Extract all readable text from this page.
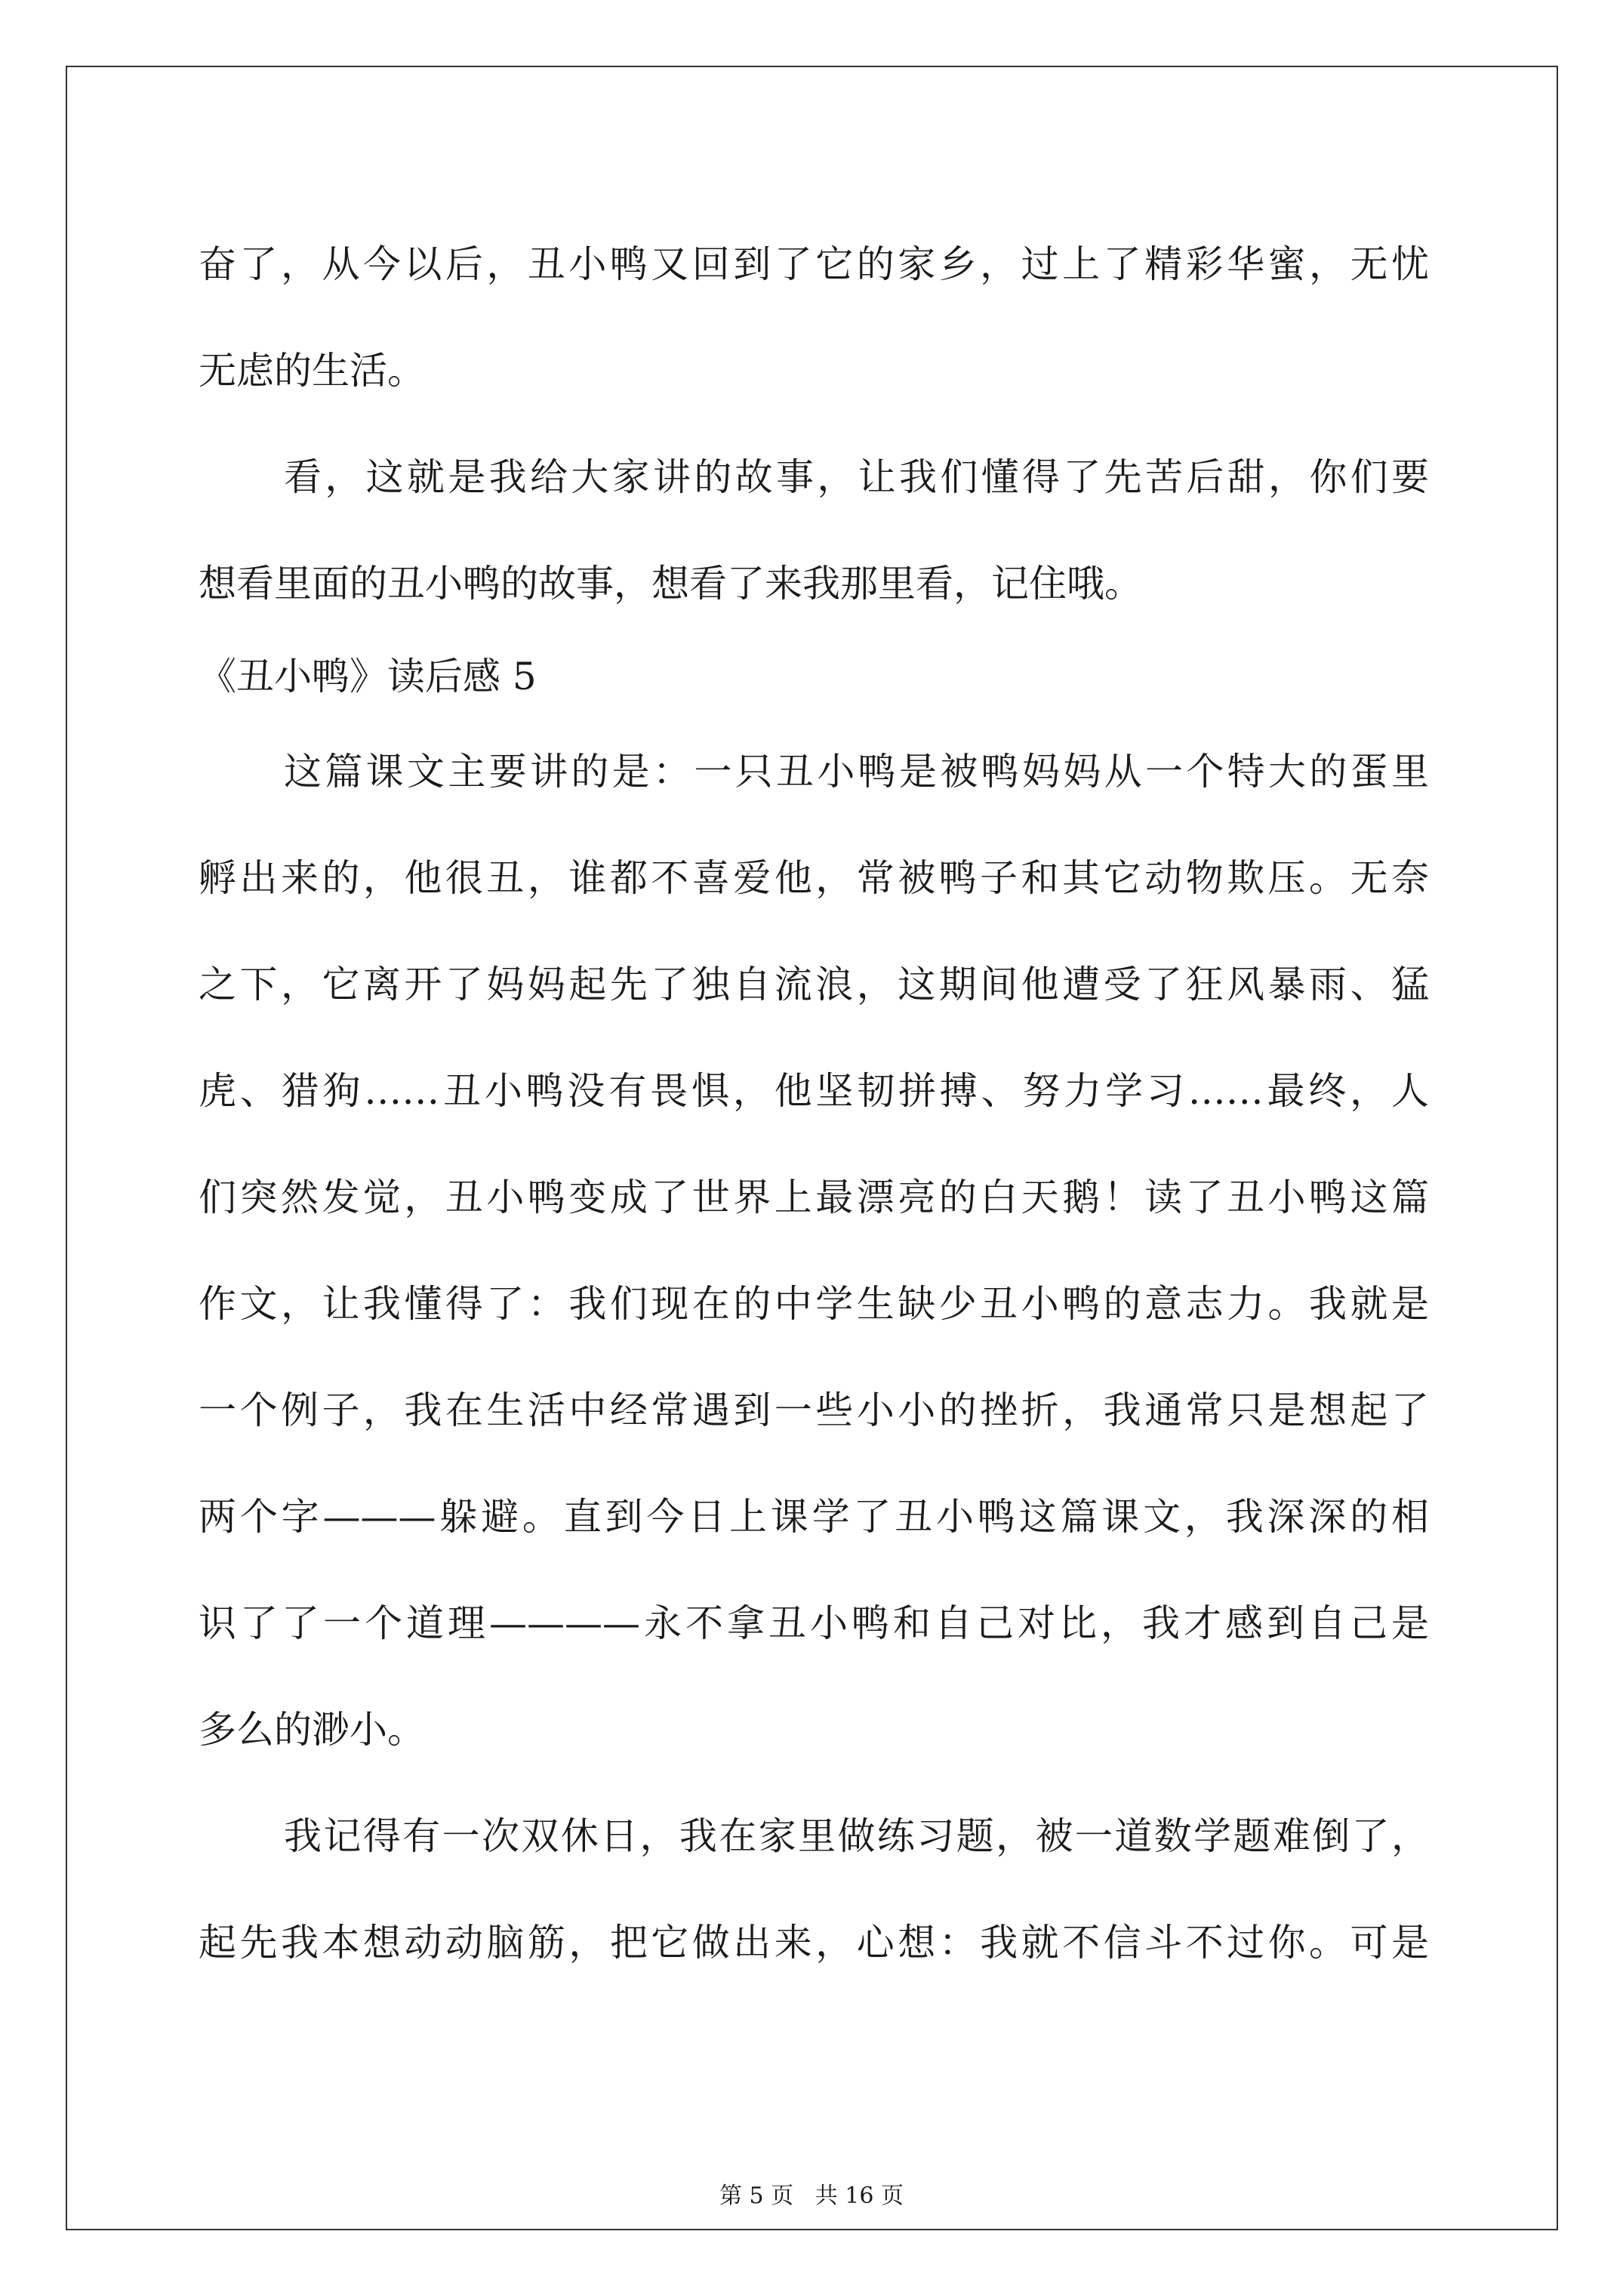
奋了，从今以后，丑小鸭又回到了它的家乡，过上了精彩华蜜，无忧
无虑的生活。
看，这就是我给大家讲的故事，让我们懂得了先苦后甜，你们要
想看里面的丑小鸭的故事，想看了来我那里看，记住哦。
《丑小鸭》读后感 5
这篇课文主要讲的是：一只丑小鸭是被鸭妈妈从一个特大的蛋里
孵出来的，他很丑，谁都不喜爱他，常被鸭子和其它动物欺压。无奈
之下，它离开了妈妈起先了独自流浪，这期间他遭受了狂风暴雨、猛
虎、猎狗……丑小鸭没有畏惧，他坚韧拼搏、努力学习……最终，人
们突然发觉，丑小鸭变成了世界上最漂亮的白天鹅！读了丑小鸭这篇
作文，让我懂得了：我们现在的中学生缺少丑小鸭的意志力。我就是
一个例子，我在生活中经常遇到一些小小的挫折，我通常只是想起了
两个字———躲避。直到今日上课学了丑小鸭这篇课文，我深深的相
识了了一个道理————永不拿丑小鸭和自己对比，我才感到自己是
多么的渺小。
我记得有一次双休日，我在家里做练习题，被一道数学题难倒了，
起先我本想动动脑筋，把它做出来，心想：我就不信斗不过你。可是
第 5 页   共 16 页
